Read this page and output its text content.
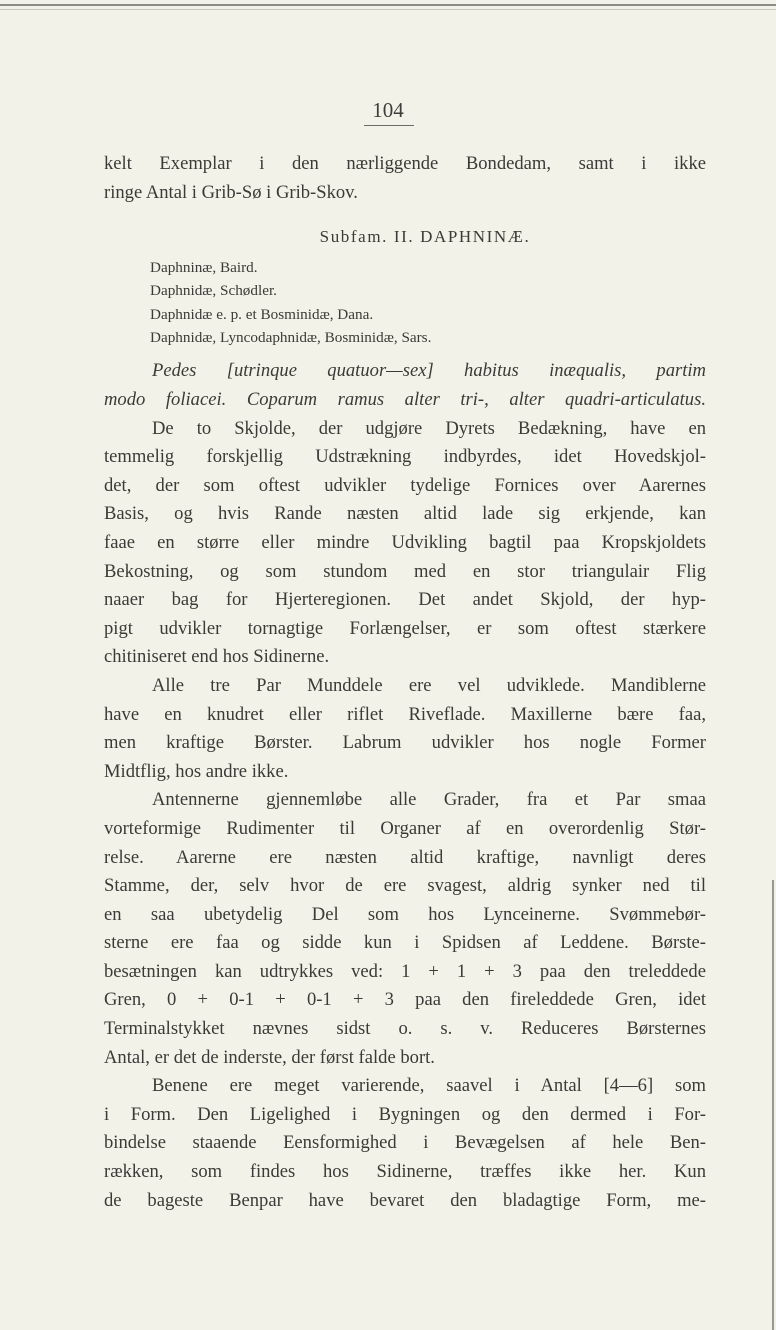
104
kelt Exemplar i den nærliggende Bondedam, samt i ikke
ringe Antal i Grib-Sø i Grib-Skov.
Subfam. II. DAPHNINÆ.
Daphninæ, Baird.
Daphnidæ, Schødler.
Daphnidæ e. p. et Bosminidæ, Dana.
Daphnidæ, Lyncodaphnidæ, Bosminidæ, Sars.
Pedes [utrinque quatuor—sex] habitus inæqualis, partim
modo foliacei. Coparum ramus alter tri-, alter quadri-articulatus.
De to Skjolde, der udgjøre Dyrets Bedækning, have en
temmelig forskjellig Udstrækning indbyrdes, idet Hovedskjol-
det, der som oftest udvikler tydelige Fornices over Aarernes
Basis, og hvis Rande næsten altid lade sig erkjende, kan
faae en større eller mindre Udvikling bagtil paa Kropskjoldets
Bekostning, og som stundom med en stor triangulair Flig
naaer bag for Hjerteregionen. Det andet Skjold, der hyp-
pigt udvikler tornagtige Forlængelser, er som oftest stærkere
chitiniseret end hos Sidinerne.
Alle tre Par Munddele ere vel udviklede. Mandiblerne
have en knudret eller riflet Riveflade. Maxillerne bære faa,
men kraftige Børster. Labrum udvikler hos nogle Former
Midtflig, hos andre ikke.
Antennerne gjennemløbe alle Grader, fra et Par smaa
vorteformige Rudimenter til Organer af en overordenlig Stør-
relse. Aarerne ere næsten altid kraftige, navnligt deres
Stamme, der, selv hvor de ere svagest, aldrig synker ned til
en saa ubetydelig Del som hos Lynceinerne. Svømmebør-
sterne ere faa og sidde kun i Spidsen af Leddene. Børste-
besætningen kan udtrykkes ved: 1 + 1 + 3 paa den treleddede
Gren, 0 + 0-1 + 0-1 + 3 paa den fireleddede Gren, idet
Terminalstykket nævnes sidst o. s. v. Reduceres Børsternes
Antal, er det de inderste, der først falde bort.
Benene ere meget varierende, saavel i Antal [4—6] som
i Form. Den Ligelighed i Bygningen og den dermed i For-
bindelse staaende Eensformighed i Bevægelsen af hele Ben-
rækken, som findes hos Sidinerne, træffes ikke her. Kun
de bageste Benpar have bevaret den bladagtige Form, me-
